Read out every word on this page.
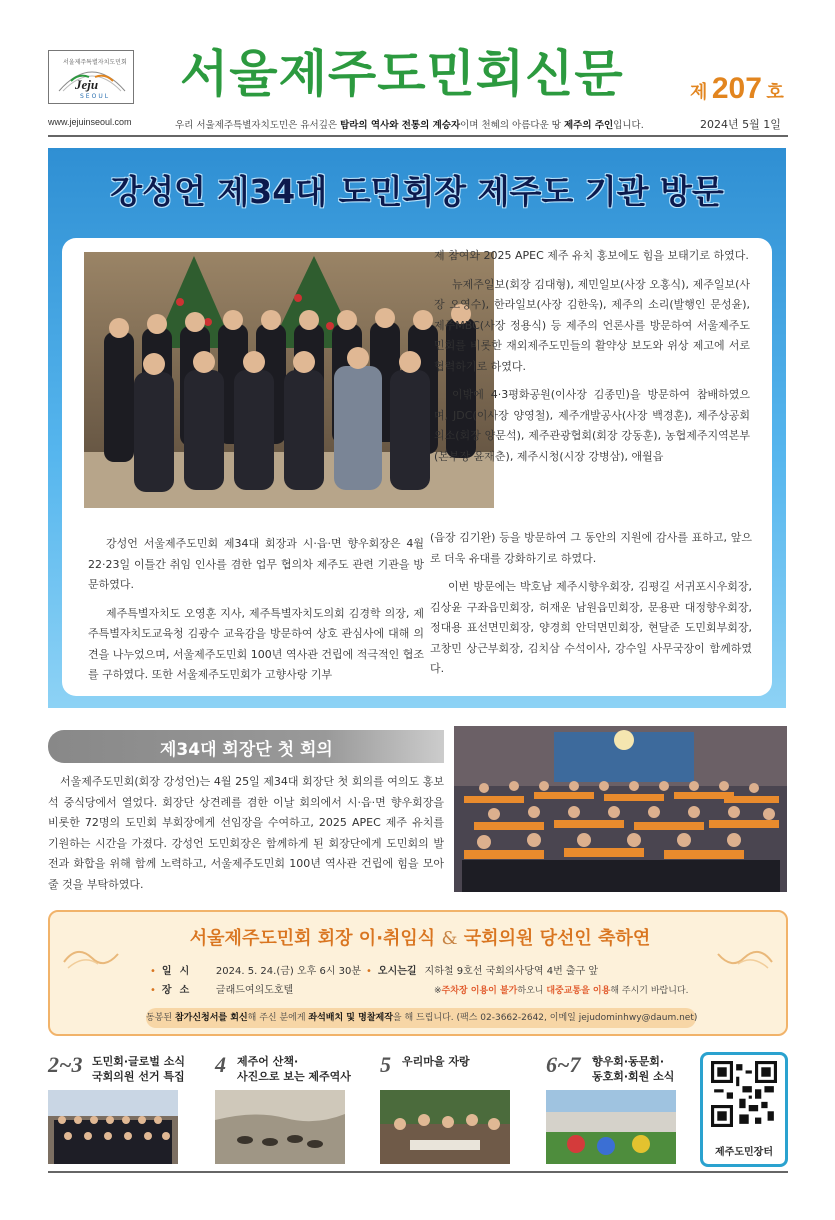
서울제주특별자치도민회
Jeju
SEOUL
www.jejuinseoul.com
서울제주도민회신문	제 207 호
우리 서울제주특별자치도민은 유서깊은 탐라의 역사와 전통의 계승자이며 천혜의 아름다운 땅 제주의 주인입니다.	2024년 5월 1일
강성언 제34대 도민회장 제주도 기관 방문

강성언 서울제주도민회 제34대 회장과 시·읍·면 향우회장은 4월 22·23일 이틀간 취임 인사를 겸한 업무 협의차 제주도 관련 기관을 방문하였다.

제주특별자치도 오영훈 지사, 제주특별자치도의회 김경학 의장, 제주특별자치도교육청 김광수 교육감을 방문하여 상호 관심사에 대해 의견을 나누었으며, 서울제주도민회 100년 역사관 건립에 적극적인 협조를 구하였다. 또한 서울제주도민회가 고향사랑 기부

제 참여와 2025 APEC 제주 유치 홍보에도 힘을 보태기로 하였다.

뉴제주일보(회장 김대형), 제민일보(사장 오홍식), 제주일보(사장 오영수), 한라일보(사장 김한욱), 제주의 소리(발행인 문성윤), 제주MBC(사장 정용식) 등 제주의 언론사를 방문하여 서울제주도민회를 비롯한 재외제주도민들의 활약상 보도와 위상 제고에 서로 협력하기로 하였다.

이밖에 4·3평화공원(이사장 김종민)을 방문하여 참배하였으며, JDC(이사장 양영철), 제주개발공사(사장 백경훈), 제주상공회의소(회장 양문석), 제주관광협회(회장 강동훈), 농협제주지역본부(본부장 윤재춘), 제주시청(시장 강병삼), 애월읍

(읍장 김기완) 등을 방문하여 그 동안의 지원에 감사를 표하고, 앞으로 더욱 유대를 강화하기로 하였다.

이번 방문에는 박호남 제주시향우회장, 김평길 서귀포시우회장, 김상윤 구좌읍민회장, 허재운 남원읍민회장, 문용판 대정향우회장, 정대용 표선면민회장, 양경희 안덕면민회장, 현달준 도민회부회장, 고창민 상근부회장, 김치삼 수석이사, 강수일 사무국장이 함께하였다.

제34대 회장단 첫 회의
서울제주도민회(회장 강성언)는 4월 25일 제34대 회장단 첫 회의를 여의도 홍보석 중식당에서 열었다. 회장단 상견례를 겸한 이날 회의에서 시·읍·면 향우회장을 비롯한 72명의 도민회 부회장에게 선임장을 수여하고, 2025 APEC 제주 유치를 기원하는 시간을 가졌다. 강성언 도민회장은 함께하게 된 회장단에게 도민회의 발전과 화합을 위해 함께 노력하고, 서울제주도민회 100년 역사관 건립에 힘을 모아줄 것을 부탁하였다.
서울제주도민회 회장 이·취임식 & 국회의원 당선인 축하연
• 일시 2024. 5. 24.(금) 오후 6시 30분
• 장소 글래드여의도호텔
• 오시는길 지하철 9호선 국회의사당역 4번 출구 앞
※주차장 이용이 불가하오니 대중교통을 이용해 주시기 바랍니다.
동봉된 참가신청서를 회신해 주신 분에게 좌석배치 및 명찰제작을 해 드립니다. (팩스 02-3662-2642, 이메일 jejudominhwy@daum.net)
2~3 도민회·글로벌 소식
국회의원 선거 특집 4 제주어 산책·
사진으로 보는 제주역사 5 우리마을 자랑	6~7 향우회·동문회·
동호회·회원 소식
제주도민장터
